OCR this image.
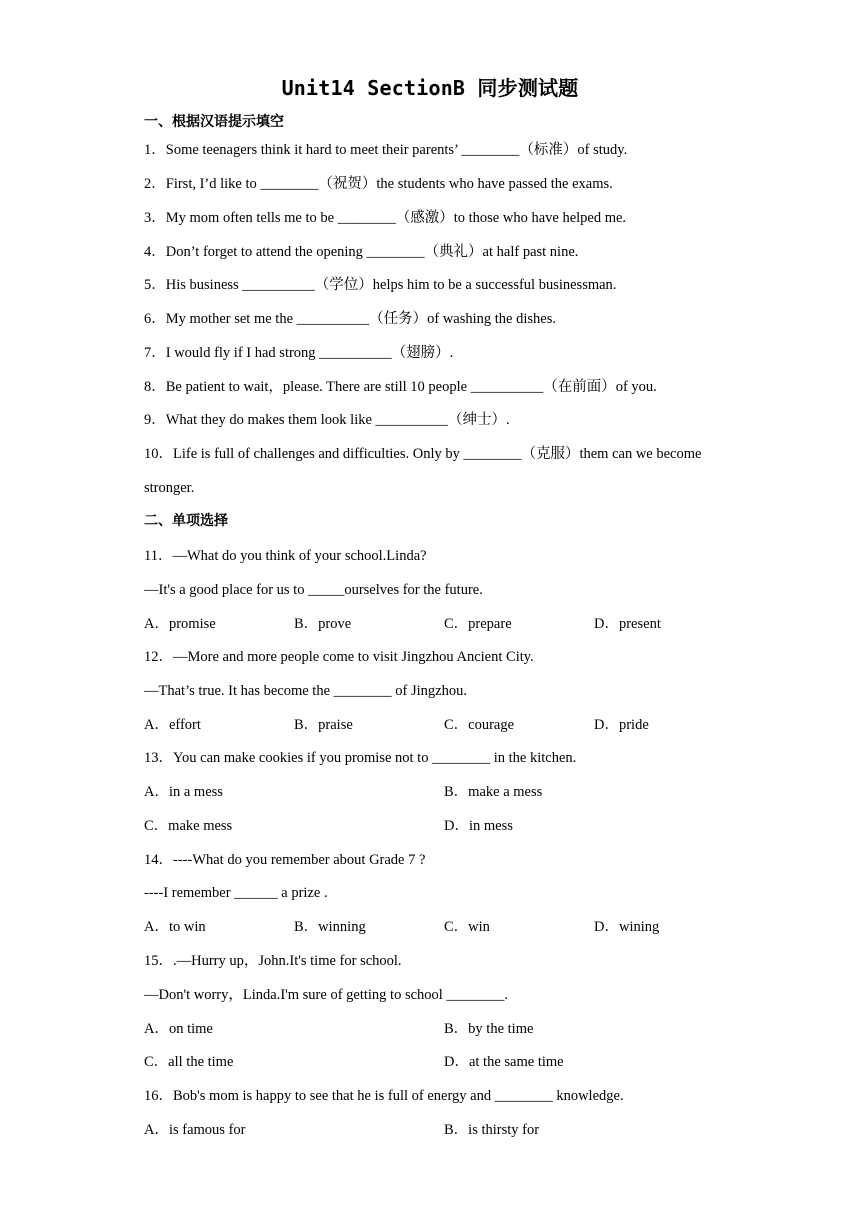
Unit14 SectionB 同步测试题
一、根据汉语提示填空
1．Some teenagers think it hard to meet their parents’ ________（标准）of study.
2．First, I’d like to ________（祝贺）the students who have passed the exams.
3．My mom often tells me to be ________（感激）to those who have helped me.
4．Don’t forget to attend the opening ________（典礼）at half past nine.
5．His business __________（学位）helps him to be a successful businessman.
6．My mother set me the __________（任务）of washing the dishes.
7．I would fly if I had strong __________（翅膀）.
8．Be patient to wait，please. There are still 10 people __________（在前面）of you.
9．What they do makes them look like __________（绅士）.
10．Life is full of challenges and difficulties. Only by ________（克服）them can we become
stronger.
二、单项选择
11．—What do you think of your school.Linda?
—It's a good place for us to _____ourselves for the future.
A．promise	B．prove	C．prepare	D．present
12．—More and more people come to visit Jingzhou Ancient City.
—That’s true. It has become the ________ of Jingzhou.
A．effort	B．praise	C．courage	D．pride
13．You can make cookies if you promise not to ________ in the kitchen.
A．in a mess	B．make a mess
C．make mess	D．in mess
14．----What do you remember about Grade 7 ?
----I remember ______ a prize .
A．to win	B．winning	C．win	D．wining
15．.—Hurry up，John.It's time for school.
—Don't worry，Linda.I'm sure of getting to school ________.
A．on time	B．by the time
C．all the time	D．at the same time
16．Bob's mom is happy to see that he is full of energy and ________ knowledge.
A．is famous for	B．is thirsty for
